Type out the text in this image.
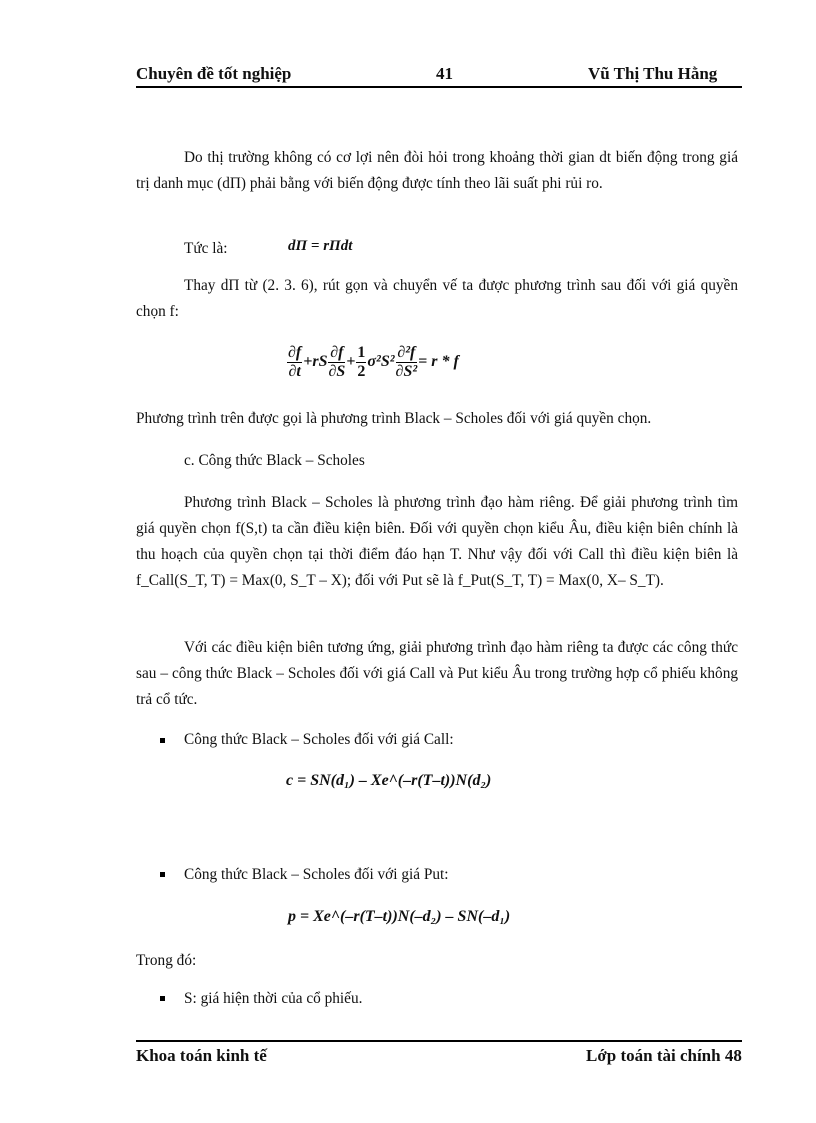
Chuyên đề tốt nghiệp	41	Vũ Thị Thu Hằng
Do thị trường không có cơ lợi nên đòi hỏi trong khoảng thời gian dt biến động trong giá trị danh mục (dП) phải bằng với biến động được tính theo lãi suất phi rủi ro.
Tức là:	dП = rПdt
Thay dП từ (2. 3. 6), rút gọn và chuyển vế ta được phương trình sau đối với giá quyền chọn f:
$\frac{\partial f}{\partial t} +rS \frac{\partial f}{\partial S} + \frac{1}{2} \sigma^2S^2 \frac{\text{∂²f}}{\text{∂S²}} = r * f$
Phương trình trên được gọi là phương trình Black – Scholes đối với giá quyền chọn.
c. Công thức Black – Scholes
Phương trình Black – Scholes là phương trình đạo hàm riêng. Để giải phương trình tìm giá quyền chọn f(S,t) ta cần điều kiện biên. Đối với quyền chọn kiểu Âu, điều kiện biên chính là thu hoạch của quyền chọn tại thời điểm đáo hạn T. Như vậy đối với Call thì điều kiện biên là f_Call(S_T, T) = Max(0, S_T – X); đối với Put sẽ là f_Put(S_T, T) = Max(0, X– S_T).
Với các điều kiện biên tương ứng, giải phương trình đạo hàm riêng ta được các công thức sau – công thức Black – Scholes đối với giá Call và Put kiểu Âu trong trường hợp cổ phiếu không trả cổ tức.
Công thức Black – Scholes đối với giá Call:
c = SN(d₁) – Xe^(–r(T–t))N(d₂)
Công thức Black – Scholes đối với giá Put:
p = Xe^(–r(T–t))N(–d₂) – SN(–d₁)
Trong đó:
S: giá hiện thời của cổ phiếu.
Khoa toán kinh tế	Lớp toán tài chính 48
